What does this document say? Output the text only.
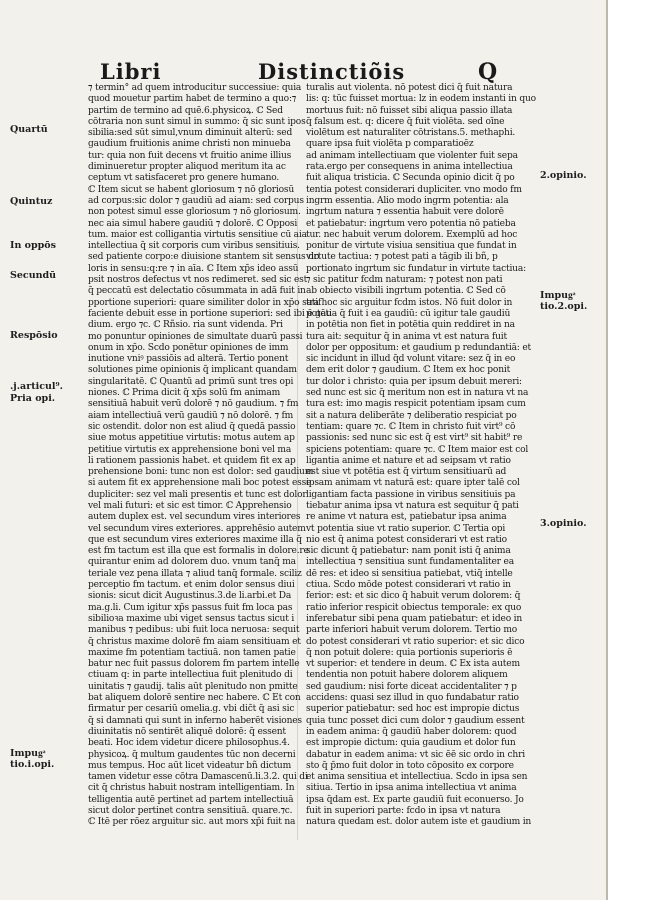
Libri	Distinctiõis	Q
Quartū
Quintuz
In oppōs
Secundū
Respōsio
.j.articul⁹.
Pria opi.
Impugͣ tio.i.opi.
2.opinio.
Impugͣ tio.2.opi.
3.opinio.
⁊ termin° ad quem introducitur successiue: quia
quod mouetur partim habet de termino a quo:⁊
partim de termino ad quē.6.physicoꝝ. ℂ Sed
cōtraria non sunt simul in summo: q̄ sic sunt ipos
sibilia:sed sūt simul,vnum diminuit alterū: sed
gaudium fruitionis anime christi non minueba
tur: quia non fuit decens vt fruitio anime illius
diminueretur propter aliquod meritum ita ac
ceptum vt satisfaceret pro genere humano.
ℂ Item sicut se habent gloriosum ⁊ nō gloriosū
ad corpus:sic dolor ⁊ gaudiū ad aiam: sed corpus
non potest simul esse gloriosum ⁊ nō gloriosum.
nec aia simul habere gaudiū ⁊ dolorē. ℂ Opposi
tum. maior est colligantia virtutis sensitiue cū aia
intellectiua q̄ sit corporis cum viribus sensitiuis.
sed patiente corpo:e diuisione stantem sit sensus do
loris in sensu:q:re ⁊ in aīa. ℂ Item xp̄s ideo assū
psit nostros defectus vt nos redimeret. sed sic est
q̄ peccatū est delectatio cōsummata in adā fuit in
pportione superiori: quare similiter dolor in xp̄o satif
faciente debuit esse in portione superiori: sed ibi ē gau
dium. ergo ⁊c. ℂ Rñsio. ria sunt videnda. Pri
mo ponuntur opiniones de simultate duarū passi
onum in xp̄o. Scdo ponētur opiniones de imm
inutione vniꝰ passiōis ad alterā. Tertio ponent
solutiones pime opinionis q̄ implicant quandam
singularitatē. ℂ Quantū ad primū sunt tres opi
niones. ℂ Prima dicit q̄ xp̄s solū fm animam
sensitiuā habuit verū dolorē ⁊ nō gaudium. ⁊ fm
aiam intellectiuā verū gaudiū ⁊ nō dolorē. ⁊ fm
sic ostendit. dolor non est aliud q̄ quedā passio
siue motus appetitiue virtutis: motus autem ap
petitiue virtutis ex apprehensione boni vel ma
li rationem passionis habet. et quidem fit ex ap
prehensione boni: tunc non est dolor: sed gaudium
si autem fit ex apprehensione mali boc potest esse
dupliciter: sez vel mali presentis et tunc est dolor
vel mali futuri: et sic est timor. ℂ Apprehensio
autem duplex est. vel secundum vires interiores
vel secundum vires exteriores. apprehēsio autem
que est secundum vires exteriores maxime illa q̄
est fm tactum est illa que est formalis in dolore.re
quirantur enim ad dolorem duo. vnum tanq̄ ma
teriale vez pena illata ⁊ aliud tanq̄ formale. sciliz
perceptio fm tactum. et enim dolor sensus diui
sionis: sicut dicit Augustinus.3.de li.arbi.et Da
ma.g.li. Cum igitur xp̄s passus fuit fm loca pas
sibilioꝛa maxime ubi viget sensus tactus sicut i
manibus ⁊ pedibus: ubi fuit loca neruosa: sequit
q̄ christus maxime dolorē fm aiam sensitiuam et
maxime fm potentiam tactiuā. non tamen patie
batur nec fuit passus dolorem fm partem intelle
ctiuam q: in parte intellectiua fuit plenitudo di
uinitatis ⁊ gaudij. talis aūt plenitudo non pmitte
bat aliquem dolorē sentire nec habere. ℂ Et con
firmatur per cesariū omelia.g. vbi dic̄t q̄ asi sic
q̄ si damnati qui sunt in inferno haberēt visiones
diuinitatis nō sentirēt aliquē dolorē: q̄ essent
beati. Hoc idem videtur dicere philosophus.4.
physicoꝝ. q̄ multum gaudentes tūc non decerni
mus tempus. Hoc aūt licet videatur bñ dictum
tamen videtur esse cōtra Damascenū.li.3.2. qui di
cit q̄ christus habuit nostram intelligentiam. In
telligentia autē pertinet ad partem intellectiuā
sicut dolor pertinet contra sensitiuā. quare.⁊c.
ℂ Itē per rōez arguitur sic. aut mors xp̄i fuit na
turalis aut violenta. nō potest dici q̄ fuit natura
lis: q: tūc fuisset mortua: lz in eodem instanti in quo
mortuus fuit: nō fuisset sibi aliqua passio illata
q̄ falsum est. q: dicere q̄ fuit violēta. sed oīne
violētum est naturaliter cōtristans.5. methaphi.
quare ipsa fuit violēta p comparatioēz
ad animam intellectiuam que violenter fuit sepa
rata.ergo per consequens in anima intellectiua
fuit aliqua tristicia. ℂ Secunda opinio dicit q̄ po
tentia potest considerari dupliciter. vno modo fm
ingrm essentia. Alio modo ingrm potentia: ala
ingrtum natura ⁊ essentia habuit vere dolorē
et patiebatur: ingrtum vero potentia nō patieba
tur. nec habuit verum dolorem. Exemplū ad hoc
ponitur de virtute visiua sensitiua que fundat in
virtute tactiua: ⁊ potest pati a tāgib ili bñ, p
portionato ingrtum sic fundatur in virtute tactiua:
⁊ sic patitur fcdm naturam: ⁊ potest non pati
ab obiecto visibili ingrtum potentia. ℂ Sed cō
tra hoc sic arguitur fcdm istos. Nō fuit dolor in
potētia q̄ fuit i ea gaudiū: cū igitur tale gaudiū
in potētia non fiet in potētia quin reddiret in na
tura ait: sequitur q̄ in anima vt est natura fuit
dolor per oppositum: et gaudium p redundantiā: et
sic incidunt in illud q̄d volunt vitare: sez q̄ in eo
dem erit dolor ⁊ gaudium. ℂ Item ex hoc ponit
tur dolor i christo: quia per ipsum debuit mereri:
sed nunc est sic q̄ meritum non est in natura vt na
tura est: imo magis respicit potentiam ipsam cum
sit a natura deliberāte ⁊ deliberatio respiciat po
tentiam: quare ⁊c. ℂ Item in christo fuit virt⁹ cō
passionis: sed nunc sic est q̄ est virt⁹ sit habit⁹ re
spiciens potentiam: quare ⁊c. ℂ Item maior est col
ligantia anime et nature et ad seipsam vt ratio
est siue vt potētia est q̄ virtum sensitiuarū ad
ipsam animam vt naturā est: quare ipter talē col
ligantiam facta passione in viribus sensitiuis pa
tiebatur anima ipsa vt natura est sequitur q̄ pati
re anime vt natura est, patiebatur ipsa anima
vt potentia siue vt ratio superior. ℂ Tertia opi
nio est q̄ anima potest considerari vt est ratio
sic dicunt q̄ patiebatur: nam ponit isti q̄ anima
intellectiua ⁊ sensitiua sunt fundamentaliter ea
dē res: et ideo si sensitiua patiebat, vtiq̄ intelle
ctiua. Scdo mōde potest considerari vt ratio in
ferior: est: et sic dico q̄ habuit verum dolorem: q̄
ratio inferior respicit obiectus temporale: ex quo
inferebatur sibi pena quam patiebatur: et ideo in
parte inferiori habuit verum dolorem. Tertio mo
do potest considerari vt ratio superior: et sic dico
q̄ non potuit dolere: quia portionis superioris ē
vt superior: et tendere in deum. ℂ Ex ista autem
tendentia non potuit habere dolorem aliquem
sed gaudium: nisi forte diceat accidentaliter ⁊ p
accidens: quasi sez illud in quo fundabatur ratio
superior patiebatur: sed hoc est impropie dictus
quia tunc posset dici cum dolor ⁊ gaudium essent
in eadem anima: q̄ gaudiū haber dolorem: quod
est impropie dictum: quia gaudium et dolor fun
dabatur in eadem anima: vt sic ēē sic ordo in chri
sto q̄ p̄mo fuit dolor in toto cōposito ex corpore
et anima sensitiua et intellectiua. Scdo in ipsa sen
sitiua. Tertio in ipsa anima intellectiua vt anima
ipsa q̄dam est. Ex parte gaudiū fuit econuerso. Jo
fuit in superiori parte: fcdo in ipsa vt natura
natura quedam est. dolor autem iste et gaudium in
